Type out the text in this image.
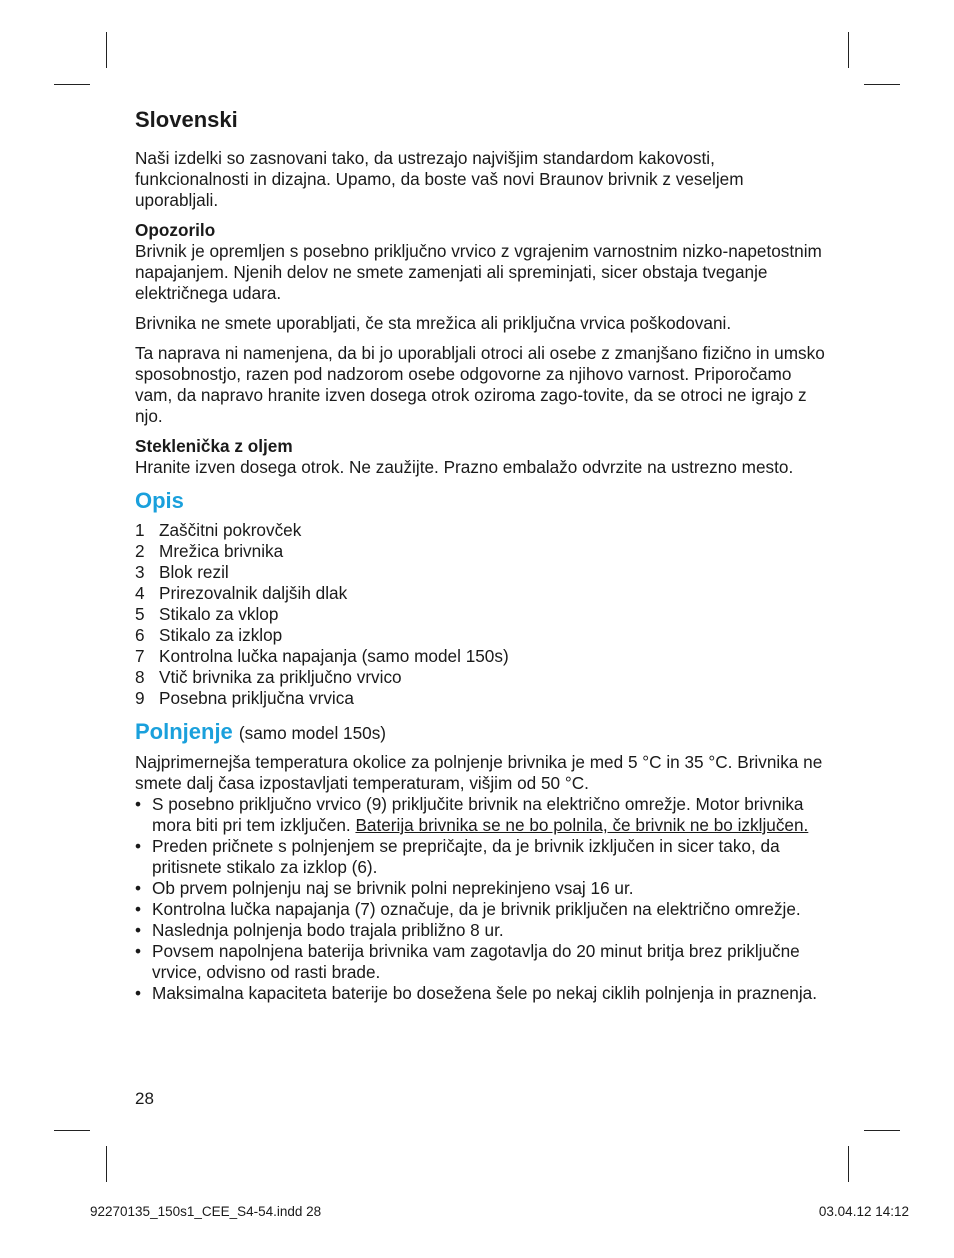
Slovenski

Naši izdelki so zasnovani tako, da ustrezajo najvišjim standardom kakovosti, funkcionalnosti in dizajna. Upamo, da boste vaš novi Braunov brivnik z veseljem uporabljali.

Opozorilo
Brivnik je opremljen s posebno priključno vrvico z vgrajenim varnostnim nizko-napetostnim napajanjem. Njenih delov ne smete zamenjati ali spreminjati, sicer obstaja tveganje električnega udara.

Brivnika ne smete uporabljati, če sta mrežica ali priključna vrvica poškodovani.

Ta naprava ni namenjena, da bi jo uporabljali otroci ali osebe z zmanjšano fizično in umsko sposobnostjo, razen pod nadzorom osebe odgovorne za njihovo varnost. Priporočamo vam, da napravo hranite izven dosega otrok oziroma zago-tovite, da se otroci ne igrajo z njo.

Steklenička z oljem
Hranite izven dosega otrok. Ne zaužijte. Prazno embalažo odvrzite na ustrezno mesto.

Opis
1 Zaščitni pokrovček
2 Mrežica brivnika
3 Blok rezil
4 Prirezovalnik daljših dlak
5 Stikalo za vklop
6 Stikalo za izklop
7 Kontrolna lučka napajanja (samo model 150s)
8 Vtič brivnika za priključno vrvico
9 Posebna priključna vrvica
Polnjenje (samo model 150s)

Najprimernejša temperatura okolice za polnjenje brivnika je med 5 °C in 35 °C. Brivnika ne smete dalj časa izpostavljati temperaturam, višjim od 50 °C.

• S posebno priključno vrvico (9) priključite brivnik na električno omrežje. Motor brivnika mora biti pri tem izključen. Baterija brivnika se ne bo polnila, če brivnik ne bo izključen.
• Preden pričnete s polnjenjem se prepričajte, da je brivnik izključen in sicer tako, da pritisnete stikalo za izklop (6).
• Ob prvem polnjenju naj se brivnik polni neprekinjeno vsaj 16 ur.
• Kontrolna lučka napajanja (7) označuje, da je brivnik priključen na električno omrežje.
• Naslednja polnjenja bodo trajala približno 8 ur.
• Povsem napolnjena baterija brivnika vam zagotavlja do 20 minut britja brez priključne vrvice, odvisno od rasti brade.
• Maksimalna kapaciteta baterije bo dosežena šele po nekaj ciklih polnjenja in praznenja.
28
92270135_150s1_CEE_S4-54.indd 28	03.04.12 14:12
